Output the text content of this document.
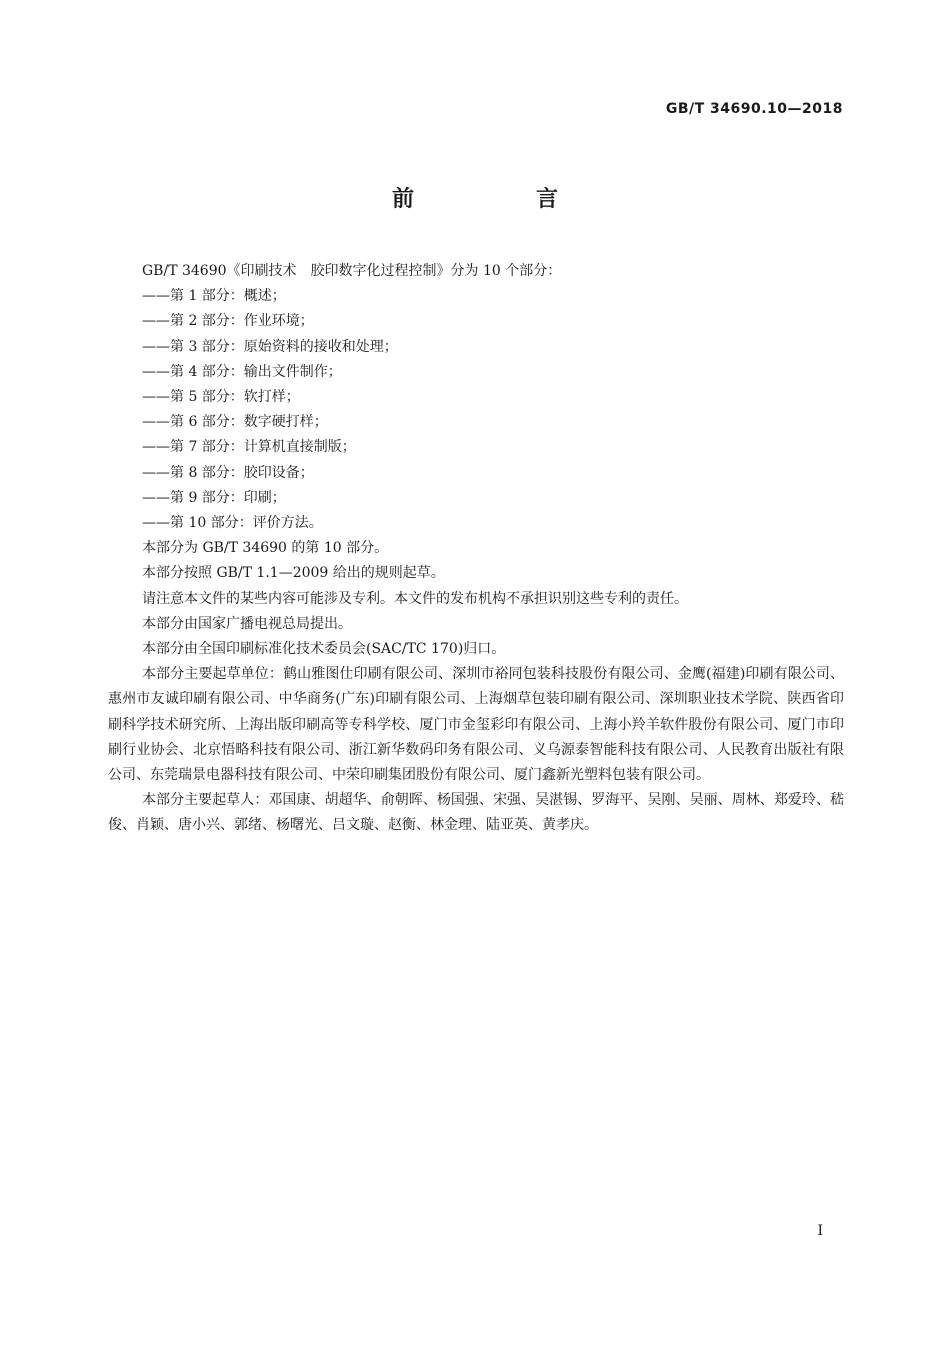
GB/T 34690.10—2018
前　言

GB/T 34690《印刷技术　胶印数字化过程控制》分为 10 个部分：

——第 1 部分：概述；

——第 2 部分：作业环境；

——第 3 部分：原始资料的接收和处理；

——第 4 部分：输出文件制作；

——第 5 部分：软打样；

——第 6 部分：数字硬打样；

——第 7 部分：计算机直接制版；

——第 8 部分：胶印设备；

——第 9 部分：印刷；

——第 10 部分：评价方法。

本部分为 GB/T 34690 的第 10 部分。

本部分按照 GB/T 1.1—2009 给出的规则起草。

请注意本文件的某些内容可能涉及专利。本文件的发布机构不承担识别这些专利的责任。

本部分由国家广播电视总局提出。

本部分由全国印刷标准化技术委员会(SAC/TC 170)归口。

本部分主要起草单位：鹤山雅图仕印刷有限公司、深圳市裕同包装科技股份有限公司、金鹰(福建)印刷有限公司、惠州市友诚印刷有限公司、中华商务(广东)印刷有限公司、上海烟草包装印刷有限公司、深圳职业技术学院、陕西省印刷科学技术研究所、上海出版印刷高等专科学校、厦门市金玺彩印有限公司、上海小羚羊软件股份有限公司、厦门市印刷行业协会、北京悟略科技有限公司、浙江新华数码印务有限公司、义乌源泰智能科技有限公司、人民教育出版社有限公司、东莞瑞景电器科技有限公司、中荣印刷集团股份有限公司、厦门鑫新光塑料包装有限公司。

本部分主要起草人：邓国康、胡超华、俞朝晖、杨国强、宋强、吴湛锡、罗海平、吴刚、吴丽、周林、郑爱玲、嵇俊、肖颖、唐小兴、郭绪、杨曙光、吕文璇、赵衡、林金理、陆亚英、黄孝庆。

I
